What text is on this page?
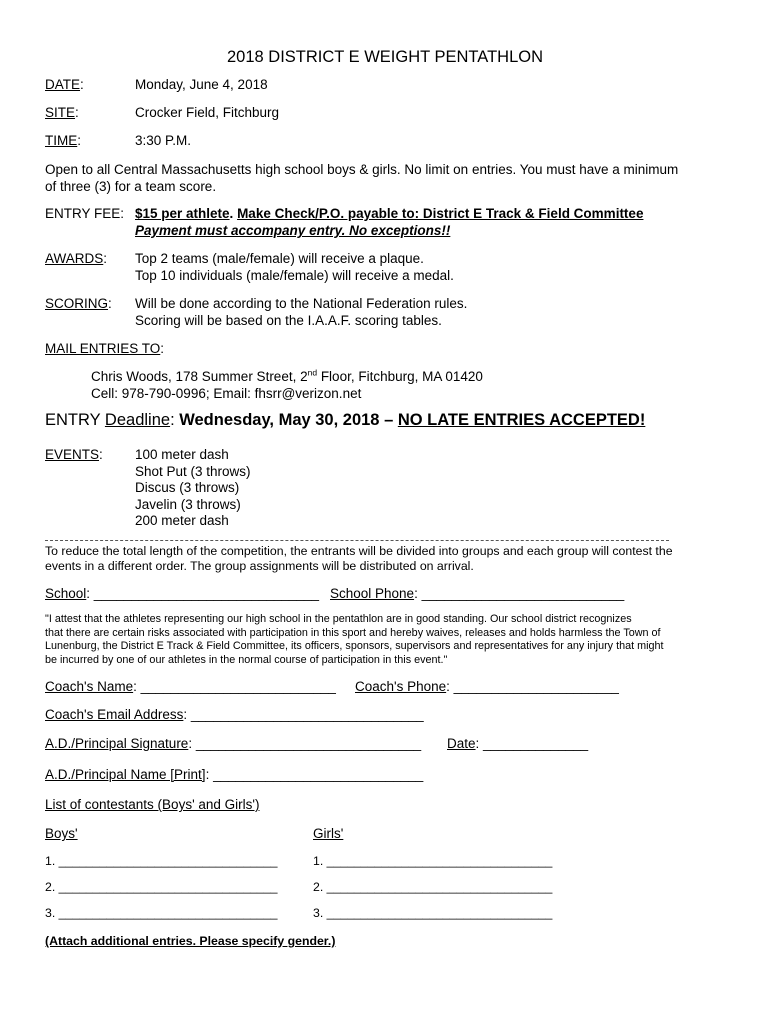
2018 DISTRICT E WEIGHT PENTATHLON
DATE:	Monday, June 4, 2018
SITE:	Crocker Field, Fitchburg
TIME:	3:30 P.M.
Open to all Central Massachusetts high school boys & girls. No limit on entries. You must have a minimum
of three (3) for a team score.
ENTRY FEE: $15 per athlete. Make Check/P.O. payable to: District E Track & Field Committee
Payment must accompany entry. No exceptions!!
AWARDS: Top 2 teams (male/female) will receive a plaque.
Top 10 individuals (male/female) will receive a medal.
SCORING: Will be done according to the National Federation rules.
Scoring will be based on the I.A.A.F. scoring tables.
MAIL ENTRIES TO:
Chris Woods, 178 Summer Street, 2nd Floor, Fitchburg, MA 01420
Cell: 978-790-0996; Email: fhsrr@verizon.net
ENTRY Deadline: Wednesday, May 30, 2018 – NO LATE ENTRIES ACCEPTED!
EVENTS: 100 meter dash
Shot Put (3 throws)
Discus (3 throws)
Javelin (3 throws)
200 meter dash
To reduce the total length of the competition, the entrants will be divided into groups and each group will contest the
events in a different order. The group assignments will be distributed on arrival.
School: ______________________________ School Phone: ___________________________
"I attest that the athletes representing our high school in the pentathlon are in good standing. Our school district recognizes
that there are certain risks associated with participation in this sport and hereby waives, releases and holds harmless the Town of
Lunenburg, the District E Track & Field Committee, its officers, sponsors, supervisors and representatives for any injury that might
be incurred by one of our athletes in the normal course of participation in this event."
Coach's Name: __________________________ Coach's Phone: ______________________
Coach's Email Address: _______________________________
A.D./Principal Signature: ______________________________ Date: ______________
A.D./Principal Name [Print]: ____________________________
List of contestants (Boys' and Girls')
Boys'	Girls'
1. ________________________________	1. _________________________________
2. ________________________________	2. _________________________________
3. ________________________________	3. _________________________________
(Attach additional entries. Please specify gender.)
